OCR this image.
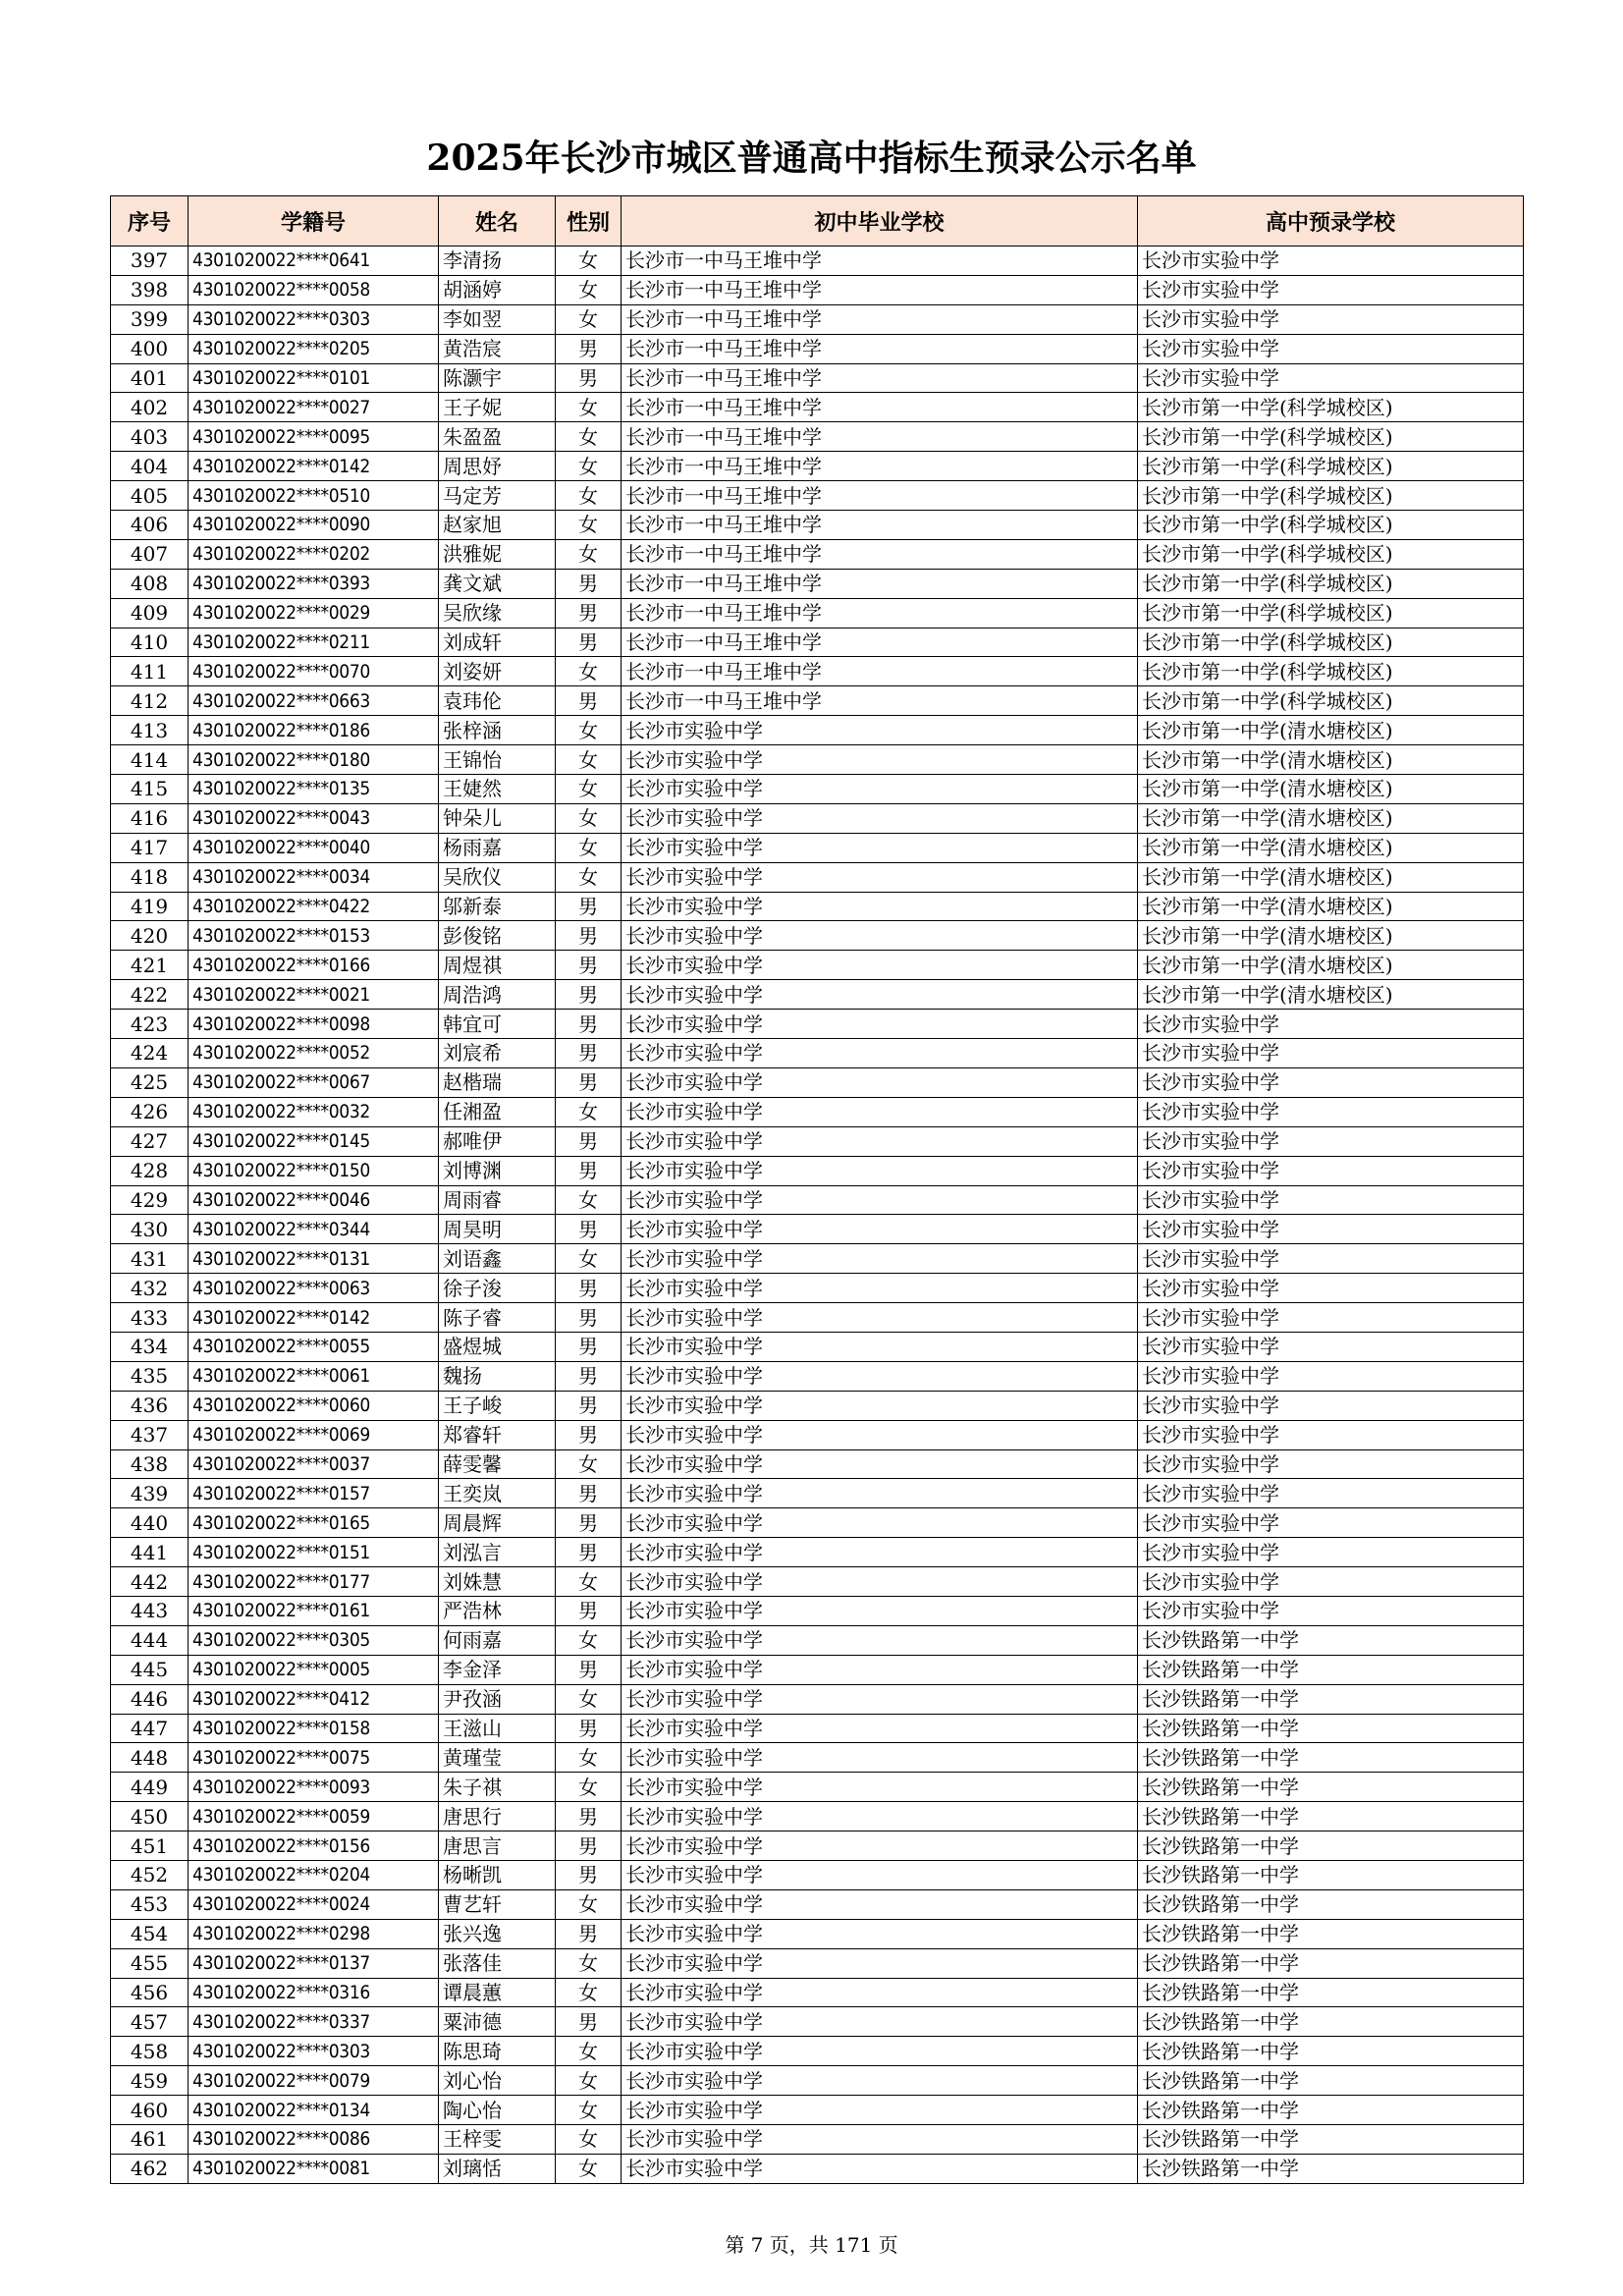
2025年长沙市城区普通高中指标生预录公示名单
序号	学籍号	姓名	性别	初中毕业学校	高中预录学校
397	4301020022****0641	李清扬	女	长沙市一中马王堆中学	长沙市实验中学
398	4301020022****0058	胡涵婷	女	长沙市一中马王堆中学	长沙市实验中学
399	4301020022****0303	李如翌	女	长沙市一中马王堆中学	长沙市实验中学
400	4301020022****0205	黄浩宸	男	长沙市一中马王堆中学	长沙市实验中学
401	4301020022****0101	陈灏宇	男	长沙市一中马王堆中学	长沙市实验中学
402	4301020022****0027	王子妮	女	长沙市一中马王堆中学	长沙市第一中学(科学城校区)
403	4301020022****0095	朱盈盈	女	长沙市一中马王堆中学	长沙市第一中学(科学城校区)
404	4301020022****0142	周思妤	女	长沙市一中马王堆中学	长沙市第一中学(科学城校区)
405	4301020022****0510	马定芳	女	长沙市一中马王堆中学	长沙市第一中学(科学城校区)
406	4301020022****0090	赵家旭	女	长沙市一中马王堆中学	长沙市第一中学(科学城校区)
407	4301020022****0202	洪雅妮	女	长沙市一中马王堆中学	长沙市第一中学(科学城校区)
408	4301020022****0393	龚文斌	男	长沙市一中马王堆中学	长沙市第一中学(科学城校区)
409	4301020022****0029	吴欣缘	男	长沙市一中马王堆中学	长沙市第一中学(科学城校区)
410	4301020022****0211	刘成轩	男	长沙市一中马王堆中学	长沙市第一中学(科学城校区)
411	4301020022****0070	刘姿妍	女	长沙市一中马王堆中学	长沙市第一中学(科学城校区)
412	4301020022****0663	袁玮伦	男	长沙市一中马王堆中学	长沙市第一中学(科学城校区)
413	4301020022****0186	张梓涵	女	长沙市实验中学	长沙市第一中学(清水塘校区)
414	4301020022****0180	王锦怡	女	长沙市实验中学	长沙市第一中学(清水塘校区)
415	4301020022****0135	王婕然	女	长沙市实验中学	长沙市第一中学(清水塘校区)
416	4301020022****0043	钟朵儿	女	长沙市实验中学	长沙市第一中学(清水塘校区)
417	4301020022****0040	杨雨嘉	女	长沙市实验中学	长沙市第一中学(清水塘校区)
418	4301020022****0034	吴欣仪	女	长沙市实验中学	长沙市第一中学(清水塘校区)
419	4301020022****0422	邬新泰	男	长沙市实验中学	长沙市第一中学(清水塘校区)
420	4301020022****0153	彭俊铭	男	长沙市实验中学	长沙市第一中学(清水塘校区)
421	4301020022****0166	周煜祺	男	长沙市实验中学	长沙市第一中学(清水塘校区)
422	4301020022****0021	周浩鸿	男	长沙市实验中学	长沙市第一中学(清水塘校区)
423	4301020022****0098	韩宜可	男	长沙市实验中学	长沙市实验中学
424	4301020022****0052	刘宸希	男	长沙市实验中学	长沙市实验中学
425	4301020022****0067	赵楷瑞	男	长沙市实验中学	长沙市实验中学
426	4301020022****0032	任湘盈	女	长沙市实验中学	长沙市实验中学
427	4301020022****0145	郝唯伊	男	长沙市实验中学	长沙市实验中学
428	4301020022****0150	刘博渊	男	长沙市实验中学	长沙市实验中学
429	4301020022****0046	周雨睿	女	长沙市实验中学	长沙市实验中学
430	4301020022****0344	周昊明	男	长沙市实验中学	长沙市实验中学
431	4301020022****0131	刘语鑫	女	长沙市实验中学	长沙市实验中学
432	4301020022****0063	徐子浚	男	长沙市实验中学	长沙市实验中学
433	4301020022****0142	陈子睿	男	长沙市实验中学	长沙市实验中学
434	4301020022****0055	盛煜城	男	长沙市实验中学	长沙市实验中学
435	4301020022****0061	魏扬	男	长沙市实验中学	长沙市实验中学
436	4301020022****0060	王子峻	男	长沙市实验中学	长沙市实验中学
437	4301020022****0069	郑睿轩	男	长沙市实验中学	长沙市实验中学
438	4301020022****0037	薛雯馨	女	长沙市实验中学	长沙市实验中学
439	4301020022****0157	王奕岚	男	长沙市实验中学	长沙市实验中学
440	4301020022****0165	周晨辉	男	长沙市实验中学	长沙市实验中学
441	4301020022****0151	刘泓言	男	长沙市实验中学	长沙市实验中学
442	4301020022****0177	刘姝慧	女	长沙市实验中学	长沙市实验中学
443	4301020022****0161	严浩林	男	长沙市实验中学	长沙市实验中学
444	4301020022****0305	何雨嘉	女	长沙市实验中学	长沙铁路第一中学
445	4301020022****0005	李金泽	男	长沙市实验中学	长沙铁路第一中学
446	4301020022****0412	尹孜涵	女	长沙市实验中学	长沙铁路第一中学
447	4301020022****0158	王滋山	男	长沙市实验中学	长沙铁路第一中学
448	4301020022****0075	黄瑾莹	女	长沙市实验中学	长沙铁路第一中学
449	4301020022****0093	朱子祺	女	长沙市实验中学	长沙铁路第一中学
450	4301020022****0059	唐思行	男	长沙市实验中学	长沙铁路第一中学
451	4301020022****0156	唐思言	男	长沙市实验中学	长沙铁路第一中学
452	4301020022****0204	杨晰凯	男	长沙市实验中学	长沙铁路第一中学
453	4301020022****0024	曹艺轩	女	长沙市实验中学	长沙铁路第一中学
454	4301020022****0298	张兴逸	男	长沙市实验中学	长沙铁路第一中学
455	4301020022****0137	张落佳	女	长沙市实验中学	长沙铁路第一中学
456	4301020022****0316	谭晨蕙	女	长沙市实验中学	长沙铁路第一中学
457	4301020022****0337	粟沛德	男	长沙市实验中学	长沙铁路第一中学
458	4301020022****0303	陈思琦	女	长沙市实验中学	长沙铁路第一中学
459	4301020022****0079	刘心怡	女	长沙市实验中学	长沙铁路第一中学
460	4301020022****0134	陶心怡	女	长沙市实验中学	长沙铁路第一中学
461	4301020022****0086	王梓雯	女	长沙市实验中学	长沙铁路第一中学
462	4301020022****0081	刘璃恬	女	长沙市实验中学	长沙铁路第一中学
第 7 页，共 171 页
